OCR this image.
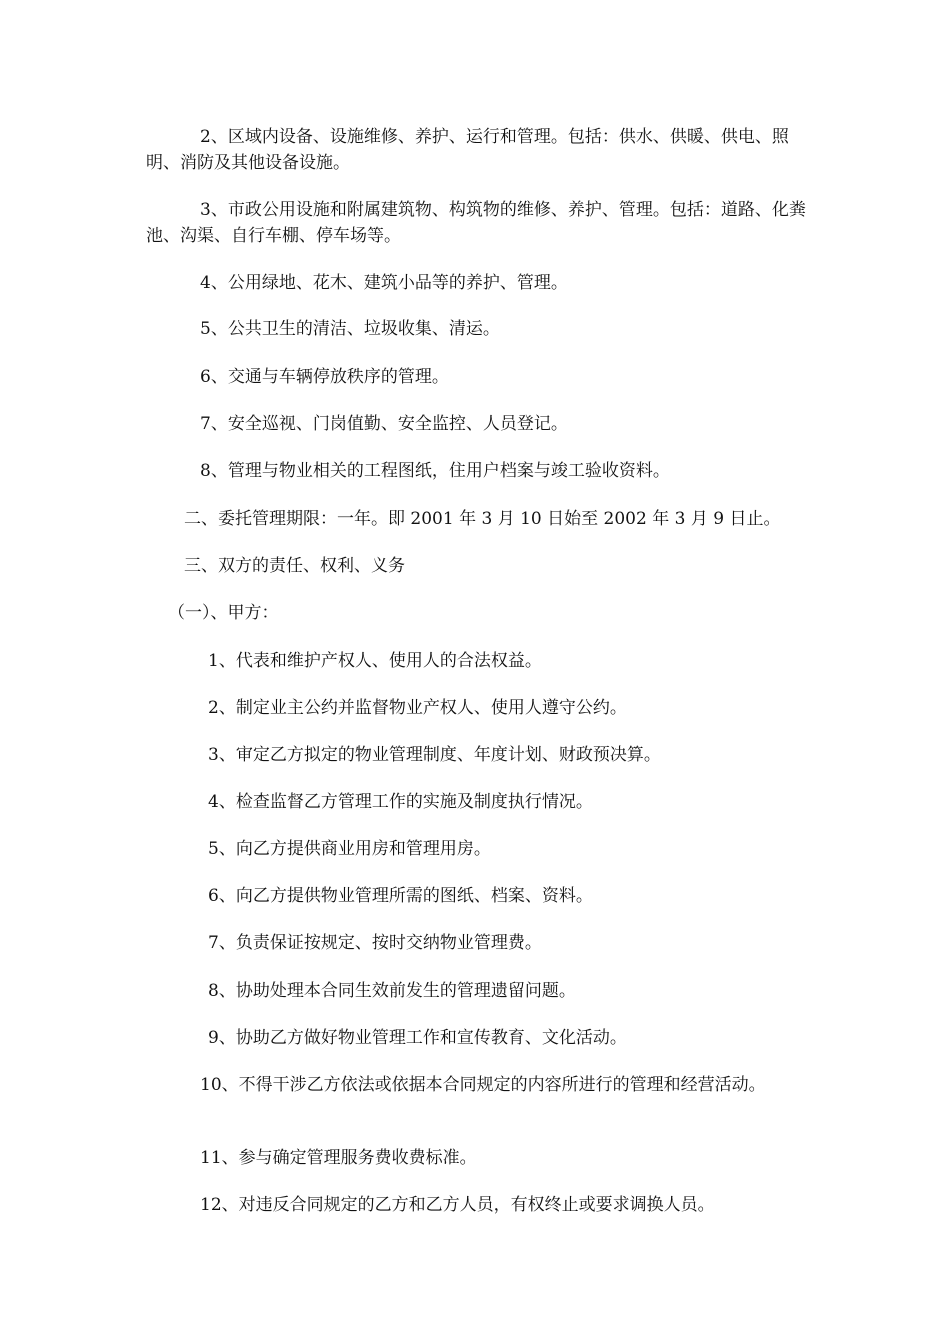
2、区域内设备、设施维修、养护、运行和管理。包括：供水、供暖、供电、照明、消防及其他设备设施。

3、市政公用设施和附属建筑物、构筑物的维修、养护、管理。包括：道路、化粪池、沟渠、自行车棚、停车场等。

4、公用绿地、花木、建筑小品等的养护、管理。

5、公共卫生的清洁、垃圾收集、清运。

6、交通与车辆停放秩序的管理。

7、安全巡视、门岗值勤、安全监控、人员登记。

8、管理与物业相关的工程图纸，住用户档案与竣工验收资料。

二、委托管理期限：一年。即 2001 年 3 月 10 日始至 2002 年 3 月 9 日止。

三、双方的责任、权利、义务

（一）、甲方：

1、代表和维护产权人、使用人的合法权益。

2、制定业主公约并监督物业产权人、使用人遵守公约。

3、审定乙方拟定的物业管理制度、年度计划、财政预决算。

4、检查监督乙方管理工作的实施及制度执行情况。

5、向乙方提供商业用房和管理用房。

6、向乙方提供物业管理所需的图纸、档案、资料。

7、负责保证按规定、按时交纳物业管理费。

8、协助处理本合同生效前发生的管理遗留问题。

9、协助乙方做好物业管理工作和宣传教育、文化活动。

10、不得干涉乙方依法或依据本合同规定的内容所进行的管理和经营活动。

11、参与确定管理服务费收费标准。

12、对违反合同规定的乙方和乙方人员，有权终止或要求调换人员。
